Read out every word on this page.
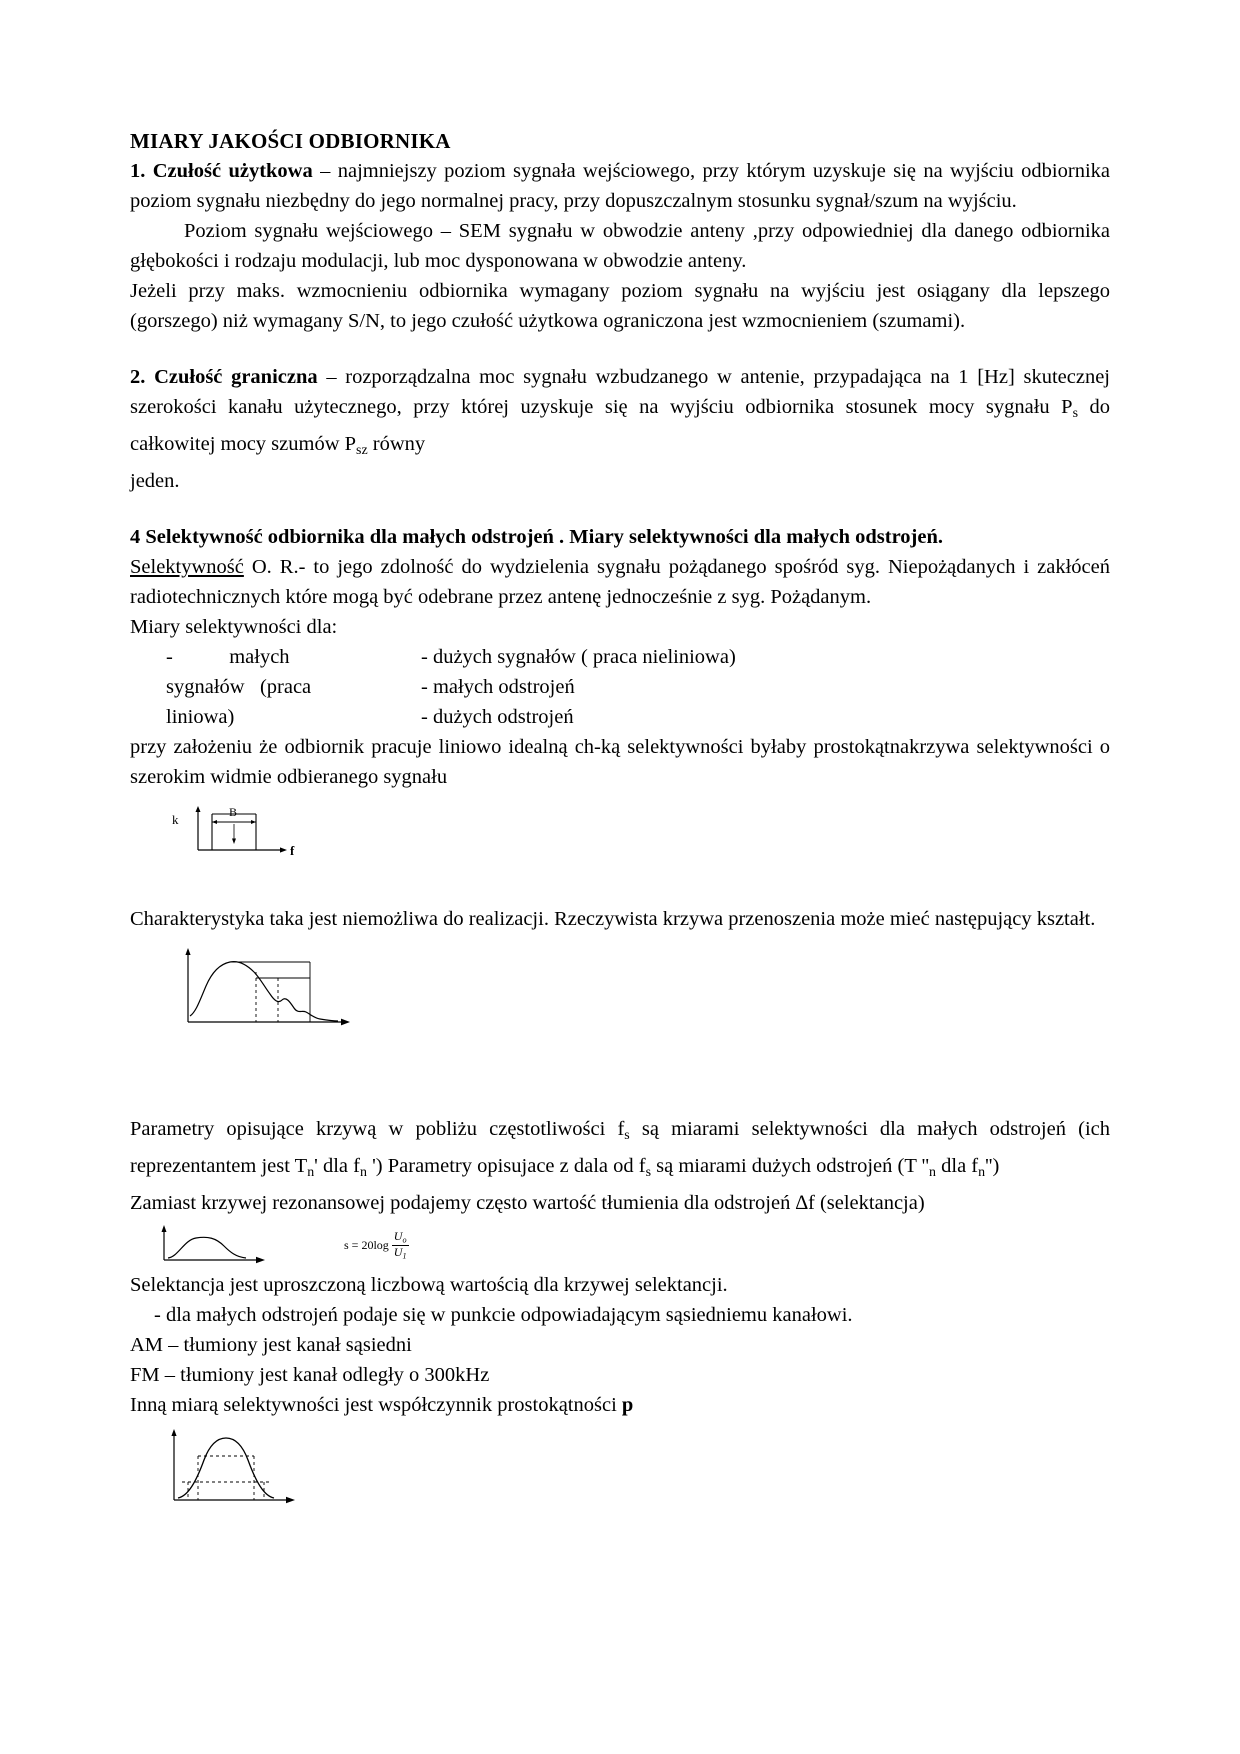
MIARY JAKOŚCI ODBIORNIKA

1. Czułość użytkowa – najmniejszy poziom sygnała wejściowego, przy którym uzyskuje się na wyjściu odbiornika poziom sygnału niezbędny do jego normalnej pracy, przy dopuszczalnym stosunku sygnał/szum na wyjściu.

Poziom sygnału wejściowego – SEM sygnału w obwodzie anteny ,przy odpowiedniej dla danego odbiornika głębokości i rodzaju modulacji, lub moc dysponowana w obwodzie anteny.

Jeżeli przy maks. wzmocnieniu odbiornika wymagany poziom sygnału na wyjściu jest osiągany dla lepszego (gorszego) niż wymagany S/N, to jego czułość użytkowa ograniczona jest wzmocnieniem (szumami).

2. Czułość graniczna – rozporządzalna moc sygnału wzbudzanego w antenie, przypadająca na 1 [Hz] skutecznej szerokości kanału użytecznego, przy której uzyskuje się na wyjściu odbiornika stosunek mocy sygnału $P_s$ do całkowitej mocy szumów $P_{sz}$ równy

jeden.

4 Selektywność odbiornika dla małych odstrojeń . Miary selektywności dla małych odstrojeń.

Selektywność O. R.- to jego zdolność do wydzielenia sygnału pożądanego spośród syg. Niepożądanych i zakłóceń radiotechnicznych które mogą być odebrane przez antenę jednocześnie z syg. Pożądanym.

Miary selektywności dla:

-           małych	- dużych sygnałów ( praca nieliniowa)
sygnałów   (praca	- małych odstrojeń
liniowa)	- dużych odstrojeń

przy założeniu że odbiornik pracuje liniowo idealną ch-ką selektywności byłaby prostokątnakrzywa selektywności o szerokim widmie odbieranego sygnału

k	B
f

Charakterystyka taka jest niemożliwa do realizacji. Rzeczywista krzywa przenoszenia może mieć następujący kształt.

Parametry opisujące krzywą w pobliżu częstotliwości $f_s$ są miarami selektywności dla małych odstrojeń (ich reprezentantem jest $T_n'$ dla $f_n$ ') Parametry opisujace z dala od $f_s$ są miarami dużych odstrojeń (T ''$_n$ dla $f_n''$)

Zamiast krzywej rezonansowej podajemy często wartość tłumienia dla odstrojeń ∆f (selektancja)

$s = 20\log \frac{U_o}{U_1}$

Selektancja jest uproszczoną liczbową wartością dla krzywej selektancji.

- dla małych odstrojeń podaje się w punkcie odpowiadającym sąsiedniemu kanałowi.

AM – tłumiony jest kanał sąsiedni

FM – tłumiony jest kanał odległy o 300kHz

Inną miarą selektywności jest współczynnik prostokątności p
